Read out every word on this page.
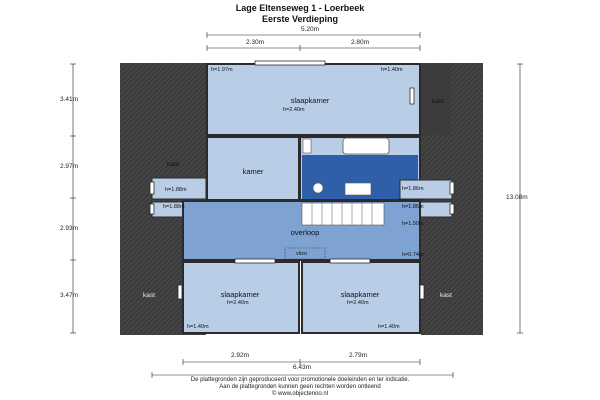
Lage Eltenseweg 1 - Loerbeek
Eerste Verdieping
5.20m
2.30m	2.80m
2.92m	2.79m
6.43m
3.41m
2.97m
2.93m
3.47m
13.08m
slaapkamer
h=2.40m
kamer
overloop
vlizo
slaapkamer
h=2.40m
slaapkamer
h=2.40m
kast
kast
kast	kast
h=1.97m	h=1.40m
h=1.88m
h=1.88m
h=1.86m
h=1.86m
h=1.50m
h=0.74m
h=1.40m	h=1.40m
De plattegronden zijn geproduceerd voor promotionele doeleinden en ter indicatie.
Aan de plattegronden kunnen geen rechten worden ontleend
© www.objectenoo.nl
